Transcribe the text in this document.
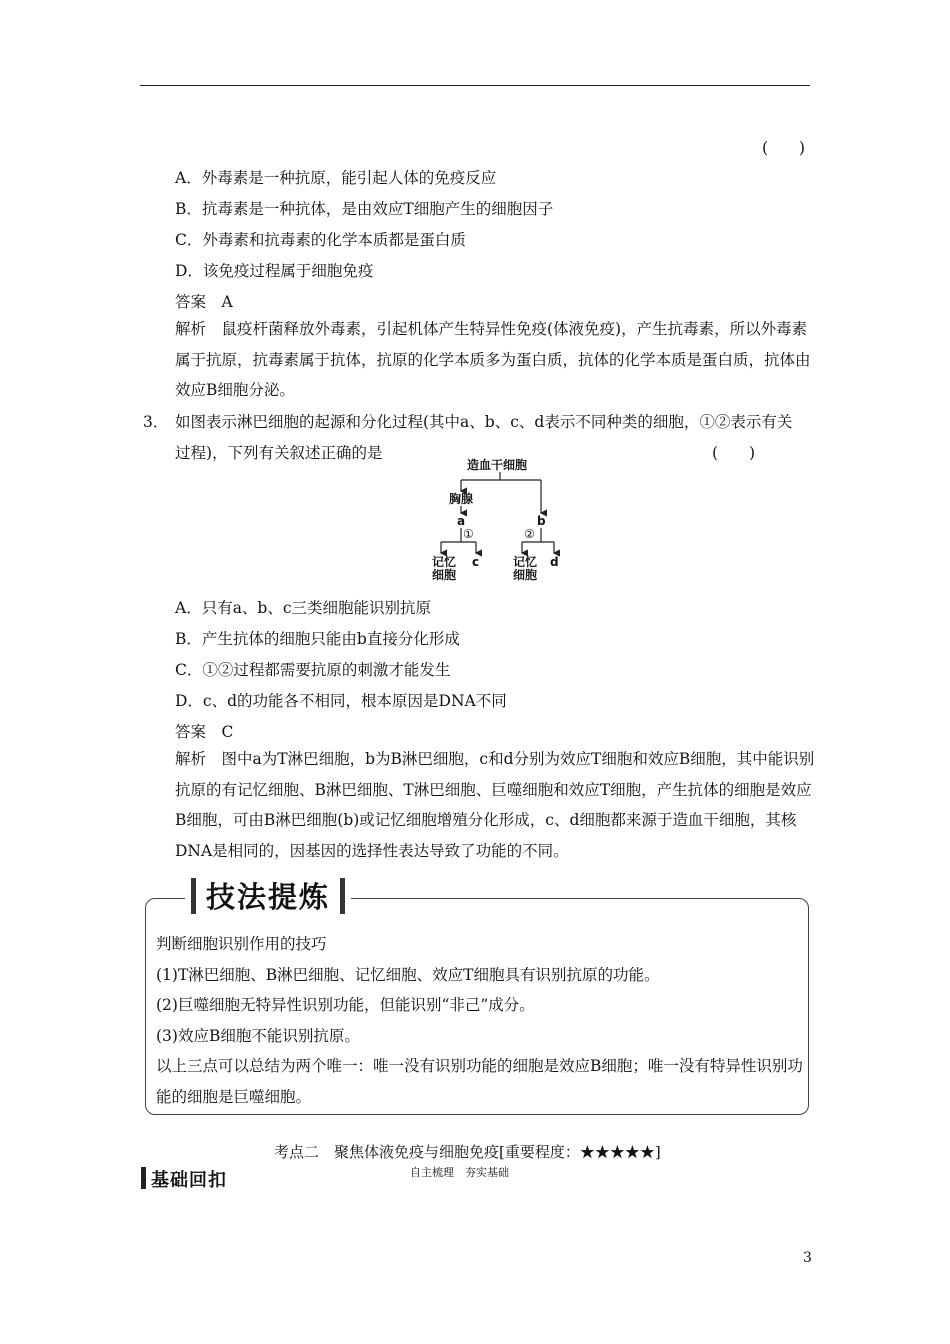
(　　)
A．外毒素是一种抗原，能引起人体的免疫反应
B．抗毒素是一种抗体，是由效应T细胞产生的细胞因子
C．外毒素和抗毒素的化学本质都是蛋白质
D．该免疫过程属于细胞免疫
答案　A
解析　鼠疫杆菌释放外毒素，引起机体产生特异性免疫(体液免疫)，产生抗毒素，所以外毒素属于抗原，抗毒素属于抗体，抗原的化学本质多为蛋白质，抗体的化学本质是蛋白质，抗体由效应B细胞分泌。
3． 如图表示淋巴细胞的起源和分化过程(其中a、b、c、d表示不同种类的细胞，①②表示有关
过程)，下列有关叙述正确的是	(　　)
造血干细胞
胸腺
a	b
①	②
记忆
细胞
c	记忆
细胞
d
A．只有a、b、c三类细胞能识别抗原
B．产生抗体的细胞只能由b直接分化形成
C．①②过程都需要抗原的刺激才能发生
D．c、d的功能各不相同，根本原因是DNA不同
答案　C
解析　图中a为T淋巴细胞，b为B淋巴细胞，c和d分别为效应T细胞和效应B细胞，其中能识别抗原的有记忆细胞、B淋巴细胞、T淋巴细胞、巨噬细胞和效应T细胞，产生抗体的细胞是效应B细胞，可由B淋巴细胞(b)或记忆细胞增殖分化形成，c、d细胞都来源于造血干细胞，其核DNA是相同的，因基因的选择性表达导致了功能的不同。
判断细胞识别作用的技巧
(1)T淋巴细胞、B淋巴细胞、记忆细胞、效应T细胞具有识别抗原的功能。
(2)巨噬细胞无特异性识别功能，但能识别“非己”成分。
(3)效应B细胞不能识别抗原。
以上三点可以总结为两个唯一：唯一没有识别功能的细胞是效应B细胞；唯一没有特异性识别功能的细胞是巨噬细胞。
技法提炼
考点二　聚焦体液免疫与细胞免疫[重要程度：★★★★★]
自主梳理　夯实基础
基础回扣
3
